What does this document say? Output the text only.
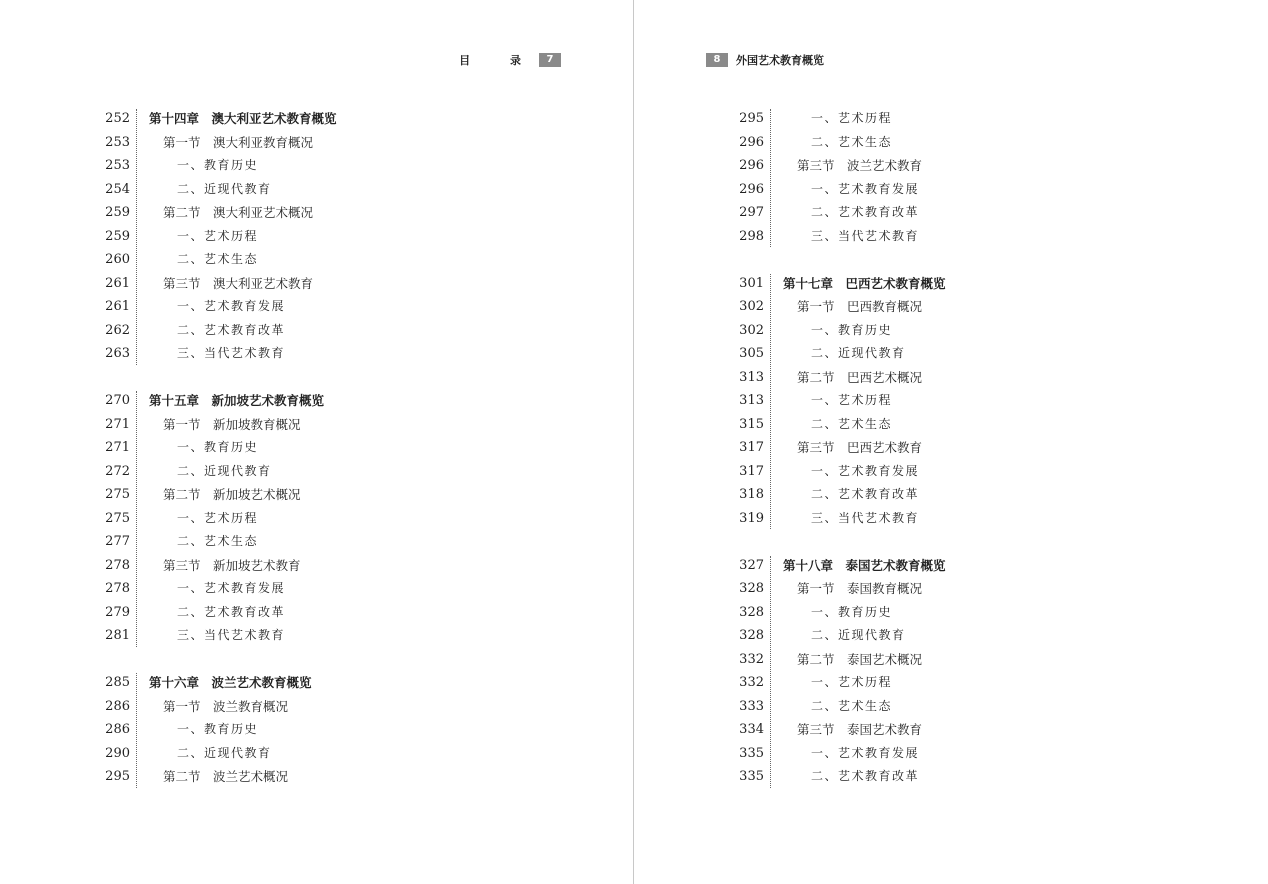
目 录 7
252 第十四章　澳大利亚艺术教育概览
253	第一节　澳大利亚教育概况
253	一、教育历史
254	二、近现代教育
259	第二节　澳大利亚艺术概况
259	一、艺术历程
260	二、艺术生态
261	第三节　澳大利亚艺术教育
261	一、艺术教育发展
262	二、艺术教育改革
263	三、当代艺术教育
270 第十五章　新加坡艺术教育概览
271	第一节　新加坡教育概况
271	一、教育历史
272	二、近现代教育
275	第二节　新加坡艺术概况
275	一、艺术历程
277	二、艺术生态
278	第三节　新加坡艺术教育
278	一、艺术教育发展
279	二、艺术教育改革
281	三、当代艺术教育
285 第十六章　波兰艺术教育概览
286	第一节　波兰教育概况
286	一、教育历史
290	二、近现代教育
295	第二节　波兰艺术概况
8	外国艺术教育概览
295	一、艺术历程
296	二、艺术生态
296	第三节　波兰艺术教育
296	一、艺术教育发展
297	二、艺术教育改革
298	三、当代艺术教育
301 第十七章　巴西艺术教育概览
302	第一节　巴西教育概况
302	一、教育历史
305	二、近现代教育
313	第二节　巴西艺术概况
313	一、艺术历程
315	二、艺术生态
317	第三节　巴西艺术教育
317	一、艺术教育发展
318	二、艺术教育改革
319	三、当代艺术教育
327 第十八章　泰国艺术教育概览
328	第一节　泰国教育概况
328	一、教育历史
328	二、近现代教育
332	第二节　泰国艺术概况
332	一、艺术历程
333	二、艺术生态
334	第三节　泰国艺术教育
335	一、艺术教育发展
335	二、艺术教育改革
